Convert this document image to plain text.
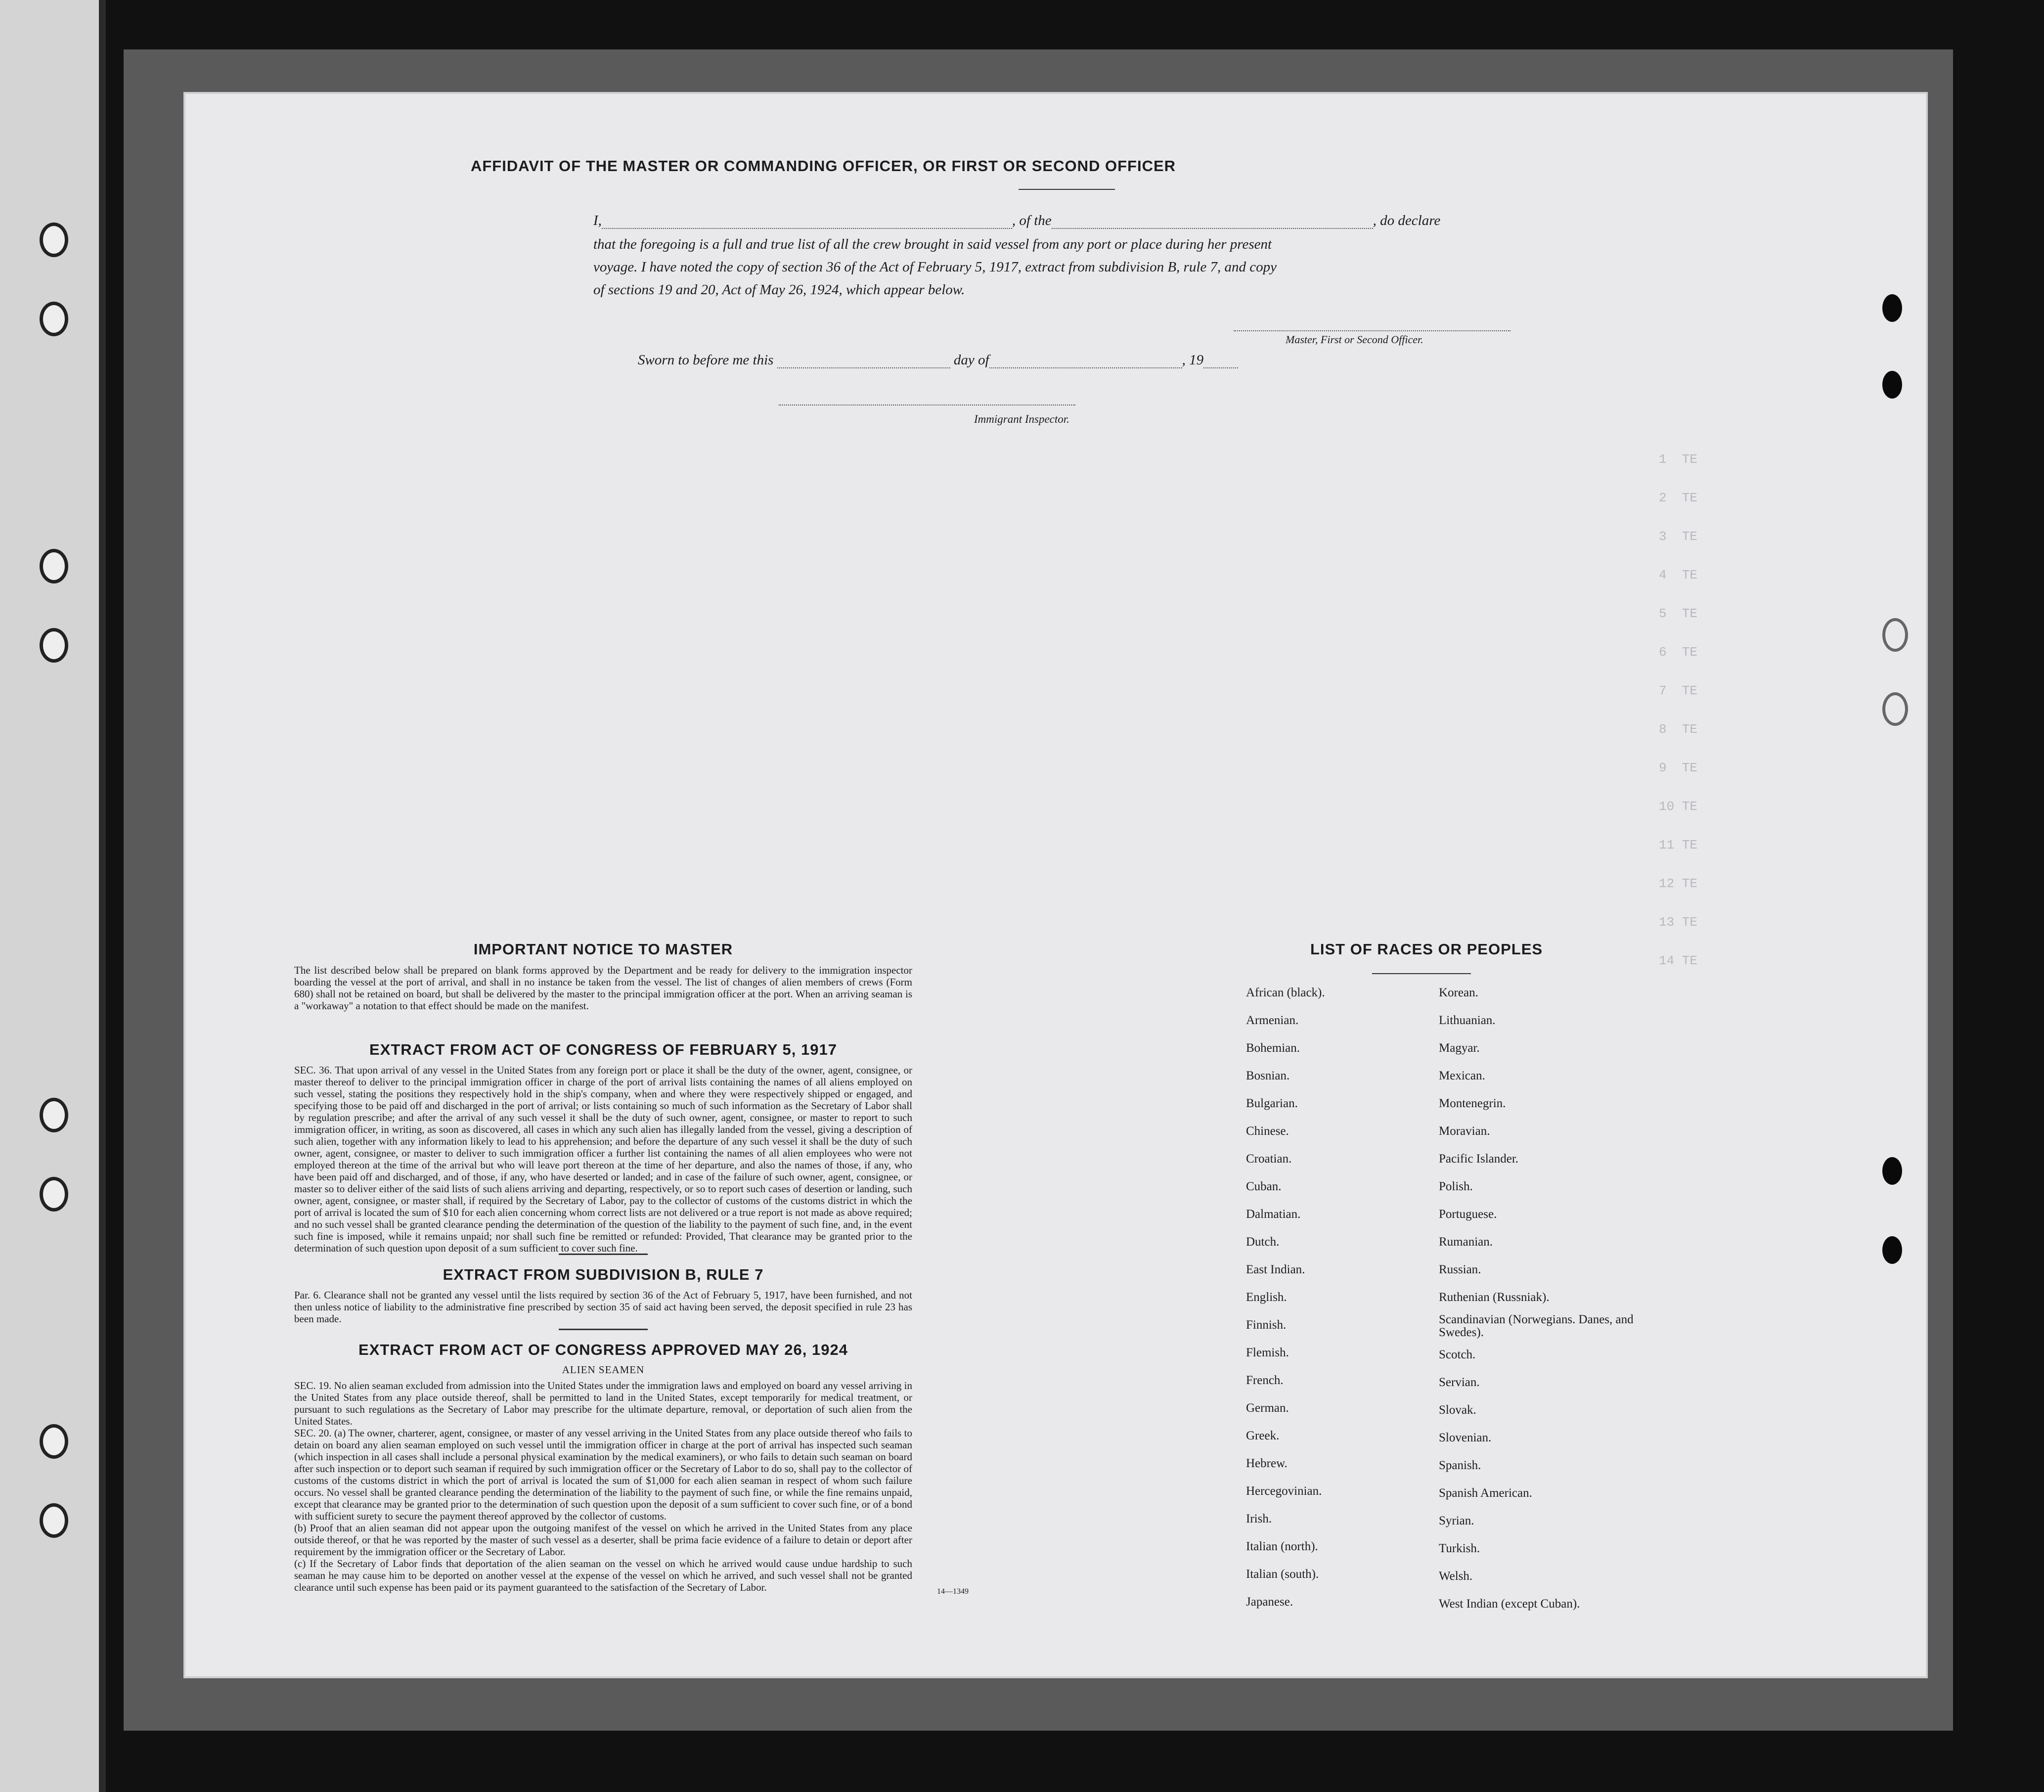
1  TE
2  TE
3  TE
4  TE
5  TE
6  TE
7  TE
8  TE
9  TE
10 TE
11 TE
12 TE
13 TE
14 TE
AFFIDAVIT OF THE MASTER OR COMMANDING OFFICER, OR FIRST OR SECOND OFFICER
I,	, of the	, do declare
that the foregoing is a full and true list of all the crew brought in said vessel from any port or place during her present
voyage. I have noted the copy of section 36 of the Act of February 5, 1917, extract from subdivision B, rule 7, and copy
of sections 19 and 20, Act of May 26, 1924, which appear below.
Master, First or Second Officer.
Sworn to before me this	day of	, 19
Immigrant Inspector.
IMPORTANT NOTICE TO MASTER
The list described below shall be prepared on blank forms approved by the Department and be ready for delivery to the immigration inspector boarding the vessel at the port of arrival, and shall in no instance be taken from the vessel. The list of changes of alien members of crews (Form 680) shall not be retained on board, but shall be delivered by the master to the principal immigration officer at the port. When an arriving seaman is a "workaway" a notation to that effect should be made on the manifest.
EXTRACT FROM ACT OF CONGRESS OF FEBRUARY 5, 1917
SEC. 36. That upon arrival of any vessel in the United States from any foreign port or place it shall be the duty of the owner, agent, consignee, or master thereof to deliver to the principal immigration officer in charge of the port of arrival lists containing the names of all aliens employed on such vessel, stating the positions they respectively hold in the ship's company, when and where they were respectively shipped or engaged, and specifying those to be paid off and discharged in the port of arrival; or lists containing so much of such information as the Secretary of Labor shall by regulation prescribe; and after the arrival of any such vessel it shall be the duty of such owner, agent, consignee, or master to report to such immigration officer, in writing, as soon as discovered, all cases in which any such alien has illegally landed from the vessel, giving a description of such alien, together with any information likely to lead to his apprehension; and before the departure of any such vessel it shall be the duty of such owner, agent, consignee, or master to deliver to such immigration officer a further list containing the names of all alien employees who were not employed thereon at the time of the arrival but who will leave port thereon at the time of her departure, and also the names of those, if any, who have been paid off and discharged, and of those, if any, who have deserted or landed; and in case of the failure of such owner, agent, consignee, or master so to deliver either of the said lists of such aliens arriving and departing, respectively, or so to report such cases of desertion or landing, such owner, agent, consignee, or master shall, if required by the Secretary of Labor, pay to the collector of customs of the customs district in which the port of arrival is located the sum of $10 for each alien concerning whom correct lists are not delivered or a true report is not made as above required; and no such vessel shall be granted clearance pending the determination of the question of the liability to the payment of such fine, and, in the event such fine is imposed, while it remains unpaid; nor shall such fine be remitted or refunded: Provided, That clearance may be granted prior to the determination of such question upon deposit of a sum sufficient to cover such fine.
EXTRACT FROM SUBDIVISION B, RULE 7
Par. 6. Clearance shall not be granted any vessel until the lists required by section 36 of the Act of February 5, 1917, have been furnished, and not then unless notice of liability to the administrative fine prescribed by section 35 of said act having been served, the deposit specified in rule 23 has been made.
EXTRACT FROM ACT OF CONGRESS APPROVED MAY 26, 1924
ALIEN SEAMEN
SEC. 19. No alien seaman excluded from admission into the United States under the immigration laws and employed on board any vessel arriving in the United States from any place outside thereof, shall be permitted to land in the United States, except temporarily for medical treatment, or pursuant to such regulations as the Secretary of Labor may prescribe for the ultimate departure, removal, or deportation of such alien from the United States.
SEC. 20. (a) The owner, charterer, agent, consignee, or master of any vessel arriving in the United States from any place outside thereof who fails to detain on board any alien seaman employed on such vessel until the immigration officer in charge at the port of arrival has inspected such seaman (which inspection in all cases shall include a personal physical examination by the medical examiners), or who fails to detain such seaman on board after such inspection or to deport such seaman if required by such immigration officer or the Secretary of Labor to do so, shall pay to the collector of customs of the customs district in which the port of arrival is located the sum of $1,000 for each alien seaman in respect of whom such failure occurs. No vessel shall be granted clearance pending the determination of the liability to the payment of such fine, or while the fine remains unpaid, except that clearance may be granted prior to the determination of such question upon the deposit of a sum sufficient to cover such fine, or of a bond with sufficient surety to secure the payment thereof approved by the collector of customs.
(b) Proof that an alien seaman did not appear upon the outgoing manifest of the vessel on which he arrived in the United States from any place outside thereof, or that he was reported by the master of such vessel as a deserter, shall be prima facie evidence of a failure to detain or deport after requirement by the immigration officer or the Secretary of Labor.
(c) If the Secretary of Labor finds that deportation of the alien seaman on the vessel on which he arrived would cause undue hardship to such seaman he may cause him to be deported on another vessel at the expense of the vessel on which he arrived, and such vessel shall not be granted clearance until such expense has been paid or its payment guaranteed to the satisfaction of the Secretary of Labor.	14—1349
LIST OF RACES OR PEOPLES
African (black).
Armenian.
Bohemian.
Bosnian.
Bulgarian.
Chinese.
Croatian.
Cuban.
Dalmatian.
Dutch.
East Indian.
English.
Finnish.
Flemish.
French.
German.
Greek.
Hebrew.
Hercegovinian.
Irish.
Italian (north).
Italian (south).
Japanese.
Korean.
Lithuanian.
Magyar.
Mexican.
Montenegrin.
Moravian.
Pacific Islander.
Polish.
Portuguese.
Rumanian.
Russian.
Ruthenian (Russniak).
Scandinavian (Norwegians. Danes, and Swedes).
Scotch.
Servian.
Slovak.
Slovenian.
Spanish.
Spanish American.
Syrian.
Turkish.
Welsh.
West Indian (except Cuban).
